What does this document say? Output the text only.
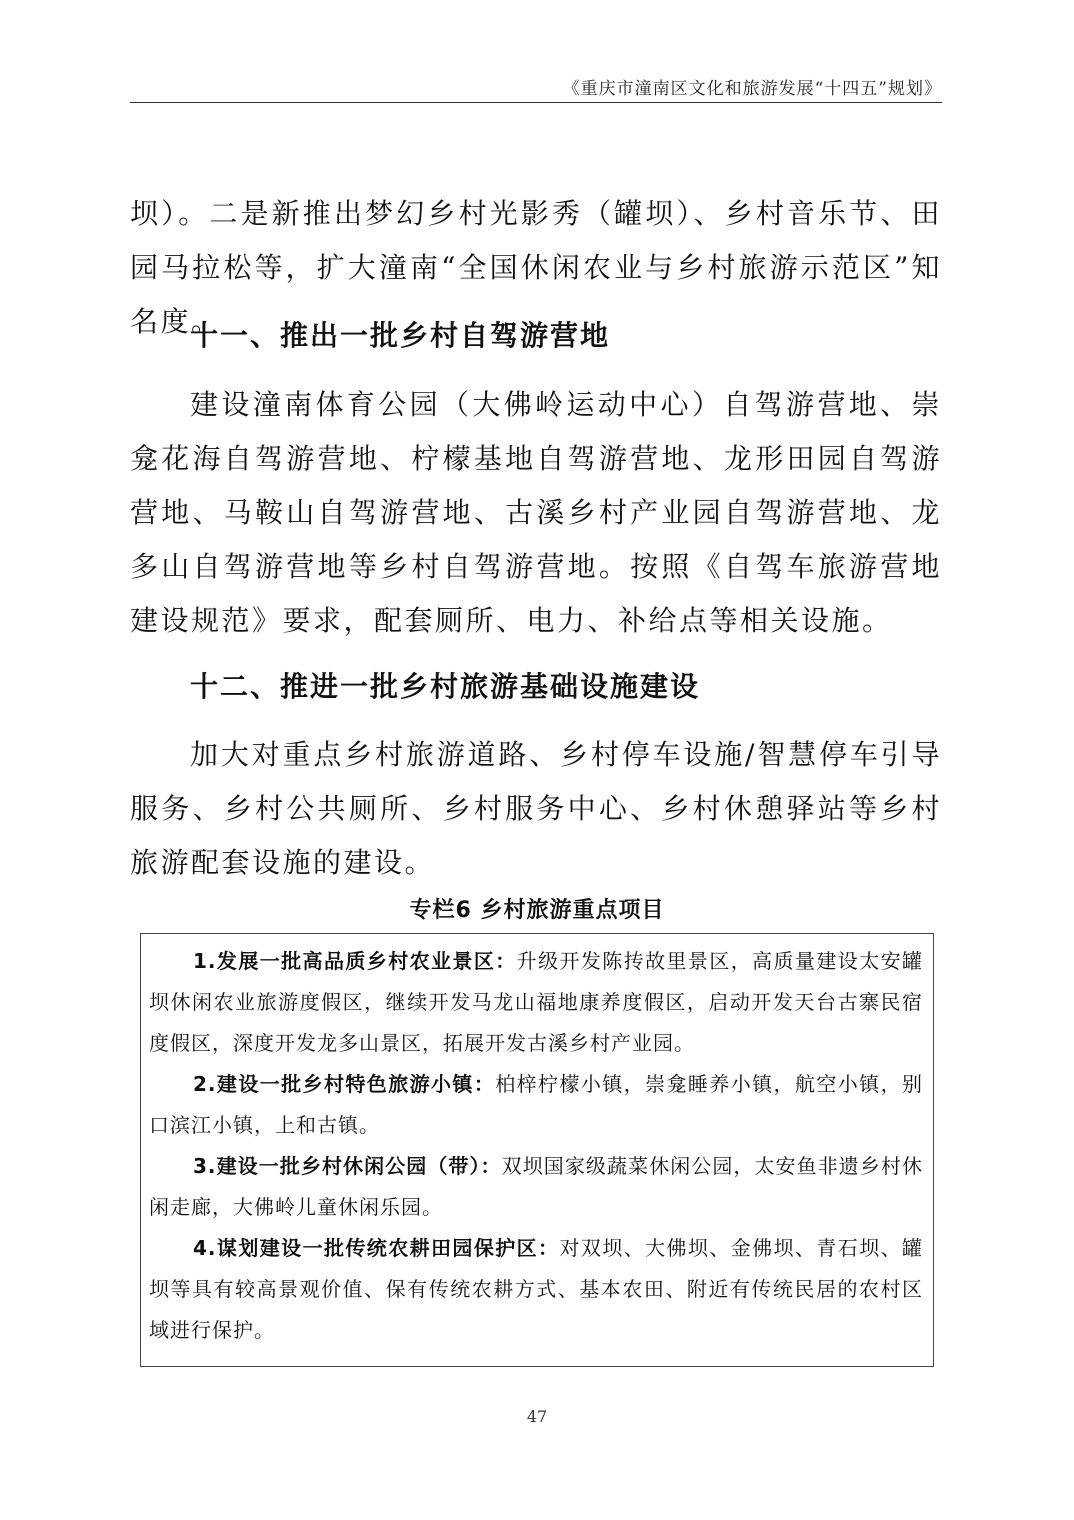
《重庆市潼南区文化和旅游发展“十四五”规划》

坝）。二是新推出梦幻乡村光影秀（罐坝）、乡村音乐节、田园马拉松等，扩大潼南“全国休闲农业与乡村旅游示范区”知名度。

十一、推出一批乡村自驾游营地

建设潼南体育公园（大佛岭运动中心）自驾游营地、崇龛花海自驾游营地、柠檬基地自驾游营地、龙形田园自驾游营地、马鞍山自驾游营地、古溪乡村产业园自驾游营地、龙多山自驾游营地等乡村自驾游营地。按照《自驾车旅游营地建设规范》要求，配套厕所、电力、补给点等相关设施。

十二、推进一批乡村旅游基础设施建设

加大对重点乡村旅游道路、乡村停车设施/智慧停车引导服务、乡村公共厕所、乡村服务中心、乡村休憩驿站等乡村旅游配套设施的建设。

专栏6 乡村旅游重点项目

1.发展一批高品质乡村农业景区：升级开发陈抟故里景区，高质量建设太安罐坝休闲农业旅游度假区，继续开发马龙山福地康养度假区，启动开发天台古寨民宿度假区，深度开发龙多山景区，拓展开发古溪乡村产业园。

2.建设一批乡村特色旅游小镇：柏梓柠檬小镇，崇龛睡养小镇，航空小镇，别口滨江小镇，上和古镇。

3.建设一批乡村休闲公园（带）：双坝国家级蔬菜休闲公园，太安鱼非遗乡村休闲走廊，大佛岭儿童休闲乐园。

4.谋划建设一批传统农耕田园保护区：对双坝、大佛坝、金佛坝、青石坝、罐坝等具有较高景观价值、保有传统农耕方式、基本农田、附近有传统民居的农村区域进行保护。

47
